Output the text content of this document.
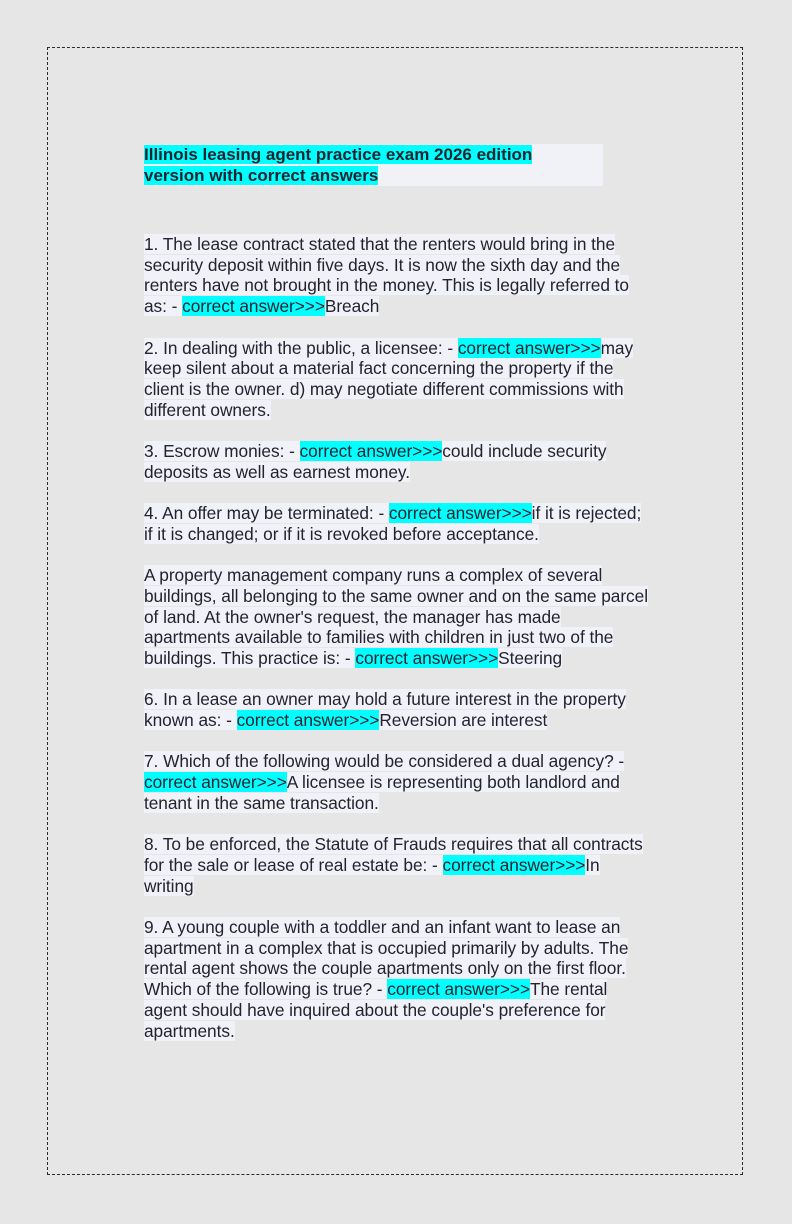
Illinois leasing agent practice exam 2026 edition
version with correct answers

1. The lease contract stated that the renters would bring in the security deposit within five days. It is now the sixth day and the renters have not brought in the money. This is legally referred to as: - correct answer>>>Breach

2. In dealing with the public, a licensee: - correct answer>>>may keep silent about a material fact concerning the property if the client is the owner. d) may negotiate different commissions with different owners.

3. Escrow monies: - correct answer>>>could include security deposits as well as earnest money.

4. An offer may be terminated: - correct answer>>>if it is rejected; if it is changed; or if it is revoked before acceptance.

A property management company runs a complex of several buildings, all belonging to the same owner and on the same parcel of land. At the owner's request, the manager has made apartments available to families with children in just two of the buildings. This practice is: - correct answer>>>Steering

6. In a lease an owner may hold a future interest in the property known as: - correct answer>>>Reversion are interest

7. Which of the following would be considered a dual agency? - correct answer>>>A licensee is representing both landlord and tenant in the same transaction.

8. To be enforced, the Statute of Frauds requires that all contracts for the sale or lease of real estate be: - correct answer>>>In writing

9. A young couple with a toddler and an infant want to lease an apartment in a complex that is occupied primarily by adults. The rental agent shows the couple apartments only on the first floor. Which of the following is true? - correct answer>>>The rental agent should have inquired about the couple's preference for apartments.
